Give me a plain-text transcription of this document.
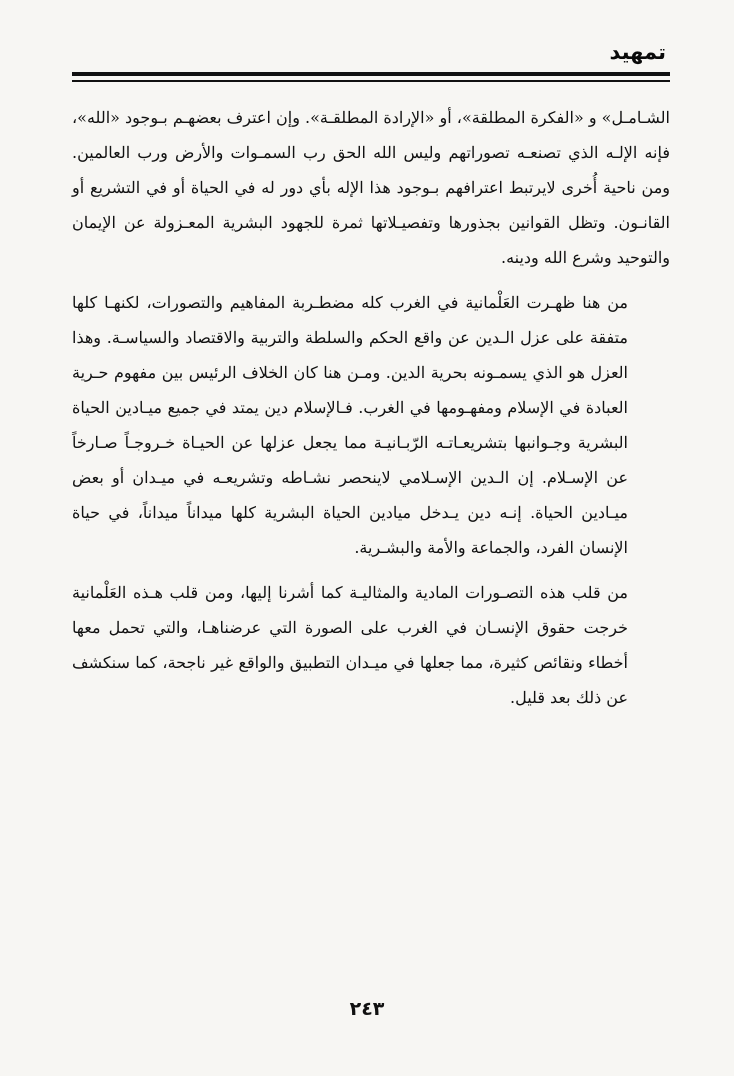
تمهيد

الشـامـل» و «الفكرة المطلقة»، أو «الإرادة المطلقـة». وإن اعترف بعضهـم بـوجود «الله»، فإنه الإلـه الذي تصنعـه تصوراتهم وليس الله الحق رب السمـوات والأرض ورب العالمين. ومن ناحية أُخرى لايرتبط اعترافهم بـوجود هذا الإله بأي دور له في الحياة أو في التشريع أو القانـون. وتظل القوانين بجذورها وتفصيـلاتها ثمرة للجهود البشرية المعـزولة عن الإيمان والتوحيد وشرع الله ودينه.

من هنا ظهـرت العَلْمانية في الغرب كله مضطـربة المفاهيم والتصورات، لكنهـا كلها متفقة على عزل الـدين عن واقع الحكم والسلطة والتربية والاقتصاد والسياسـة. وهذا العزل هو الذي يسمـونه بحرية الدين. ومـن هنا كان الخلاف الرئيس بين مفهوم حـرية العبادة في الإسلام ومفهـومها في الغرب. فـالإسلام دين يمتد في جميع ميـادين الحياة البشرية وجـوانبها بتشريعـاتـه الرّبـانيـة مما يجعل عزلها عن الحيـاة خـروجـاً صـارخاً عن الإسـلام. إن الـدين الإسـلامي لاينحصر نشـاطه وتشريعـه في ميـدان أو بعض ميـادين الحياة. إنـه دين يـدخل ميادين الحياة البشرية كلها ميداناً ميداناً، في حياة الإنسان الفرد، والجماعة والأمة والبشـرية.

من قلب هذه التصـورات المادية والمثاليـة كما أشرنا إليها، ومن قلب هـذه العَلْمانية خرجت حقوق الإنسـان في الغرب على الصورة التي عرضناهـا، والتي تحمل معها أخطاء ونقائص كثيرة، مما جعلها في ميـدان التطبيق والواقع غير ناجحة، كما سنكشف عن ذلك بعد قليل.

٢٤٣
